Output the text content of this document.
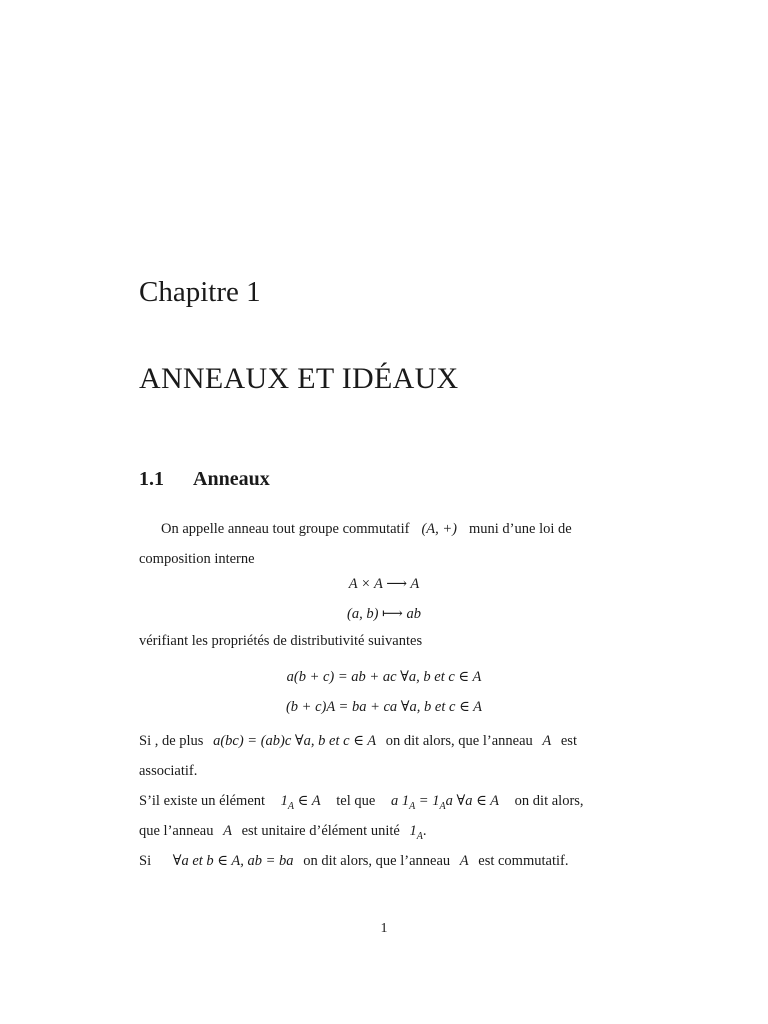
Chapitre 1
ANNEAUX ET IDÉAUX
1.1 Anneaux
On appelle anneau tout groupe commutatif (A, +) muni d’une loi de
composition interne
A × A ⟶ A
(a, b) ⟼ ab
vérifiant les propriétés de distributivité suivantes
a(b + c) = ab + ac ∀a, b et c ∈ A
(b + c)A = ba + ca ∀a, b et c ∈ A
Si , de plus a(bc) = (ab)c ∀a, b et c ∈ A on dit alors, que l’anneau A est
associatif.
S’il existe un élément $1_A$ ∈ A tel que a $1_A = 1_Aa$ ∀a ∈ A on dit alors,
que l’anneau A est unitaire d’élément unité $1_A$.
Si ∀a et b ∈ A, ab = ba on dit alors, que l’anneau A est commutatif.
1
